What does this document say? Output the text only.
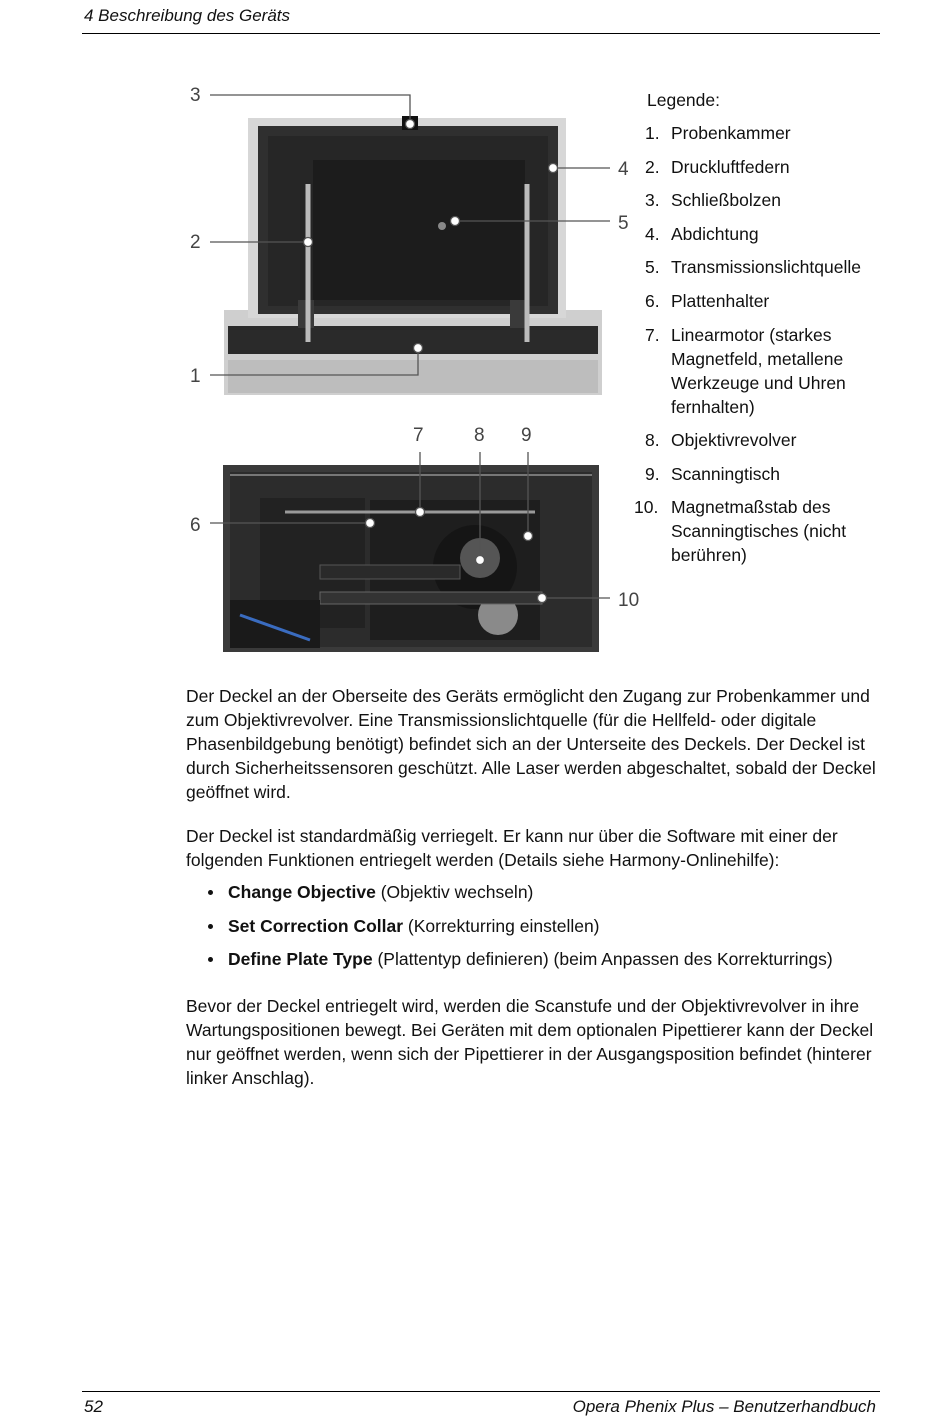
4 Beschreibung des Geräts
1
2
3
4
5
6
7	8 9
10
Legende:
1. Probenkammer
2. Druckluftfedern
3. Schließbolzen
4. Abdichtung
5. Transmissionslichtquelle
6. Plattenhalter
7. Linearmotor (starkes Magnetfeld, metallene Werkzeuge und Uhren fernhalten)
8. Objektivrevolver
9. Scanningtisch
10. Magnetmaßstab des Scanningtisches (nicht berühren)

Der Deckel an der Oberseite des Geräts ermöglicht den Zugang zur Probenkammer und zum Objektivrevolver. Eine Transmissionslichtquelle (für die Hellfeld- oder digitale Phasenbildgebung benötigt) befindet sich an der Unterseite des Deckels. Der Deckel ist durch Sicherheitssensoren geschützt. Alle Laser werden abgeschaltet, sobald der Deckel geöffnet wird.

Der Deckel ist standardmäßig verriegelt. Er kann nur über die Software mit einer der folgenden Funktionen entriegelt werden (Details siehe Harmony-Onlinehilfe):

Change Objective (Objektiv wechseln)
Set Correction Collar (Korrekturring einstellen)
Define Plate Type (Plattentyp definieren) (beim Anpassen des Korrekturrings)

Bevor der Deckel entriegelt wird, werden die Scanstufe und der Objektivrevolver in ihre Wartungspositionen bewegt. Bei Geräten mit dem optionalen Pipettierer kann der Deckel nur geöffnet werden, wenn sich der Pipettierer in der Ausgangsposition befindet (hinterer linker Anschlag).

52	Opera Phenix Plus – Benutzerhandbuch
